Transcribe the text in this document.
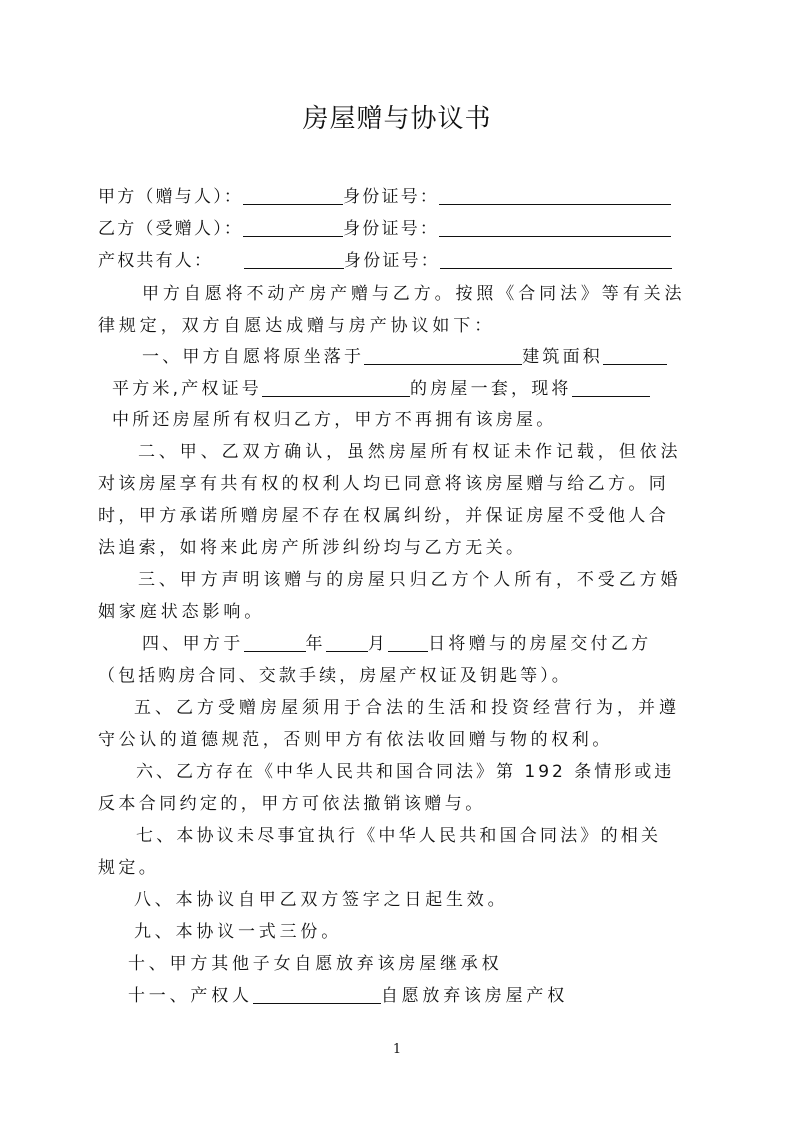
房屋赠与协议书
甲方（赠与人）：	身份证号：
乙方（受赠人）：	身份证号：
产权共有人：	身份证号：
甲方自愿将不动产房产赠与乙方。按照《合同法》等有关法
律规定，双方自愿达成赠与房产协议如下：
一、甲方自愿将原坐落于	建筑面积
平方米,产权证号	的房屋一套，现将
中所还房屋所有权归乙方，甲方不再拥有该房屋。
二、甲、乙双方确认，虽然房屋所有权证未作记载，但依法
对该房屋享有共有权的权利人均已同意将该房屋赠与给乙方。同
时，甲方承诺所赠房屋不存在权属纠纷，并保证房屋不受他人合
法追索，如将来此房产所涉纠纷均与乙方无关。
三、甲方声明该赠与的房屋只归乙方个人所有，不受乙方婚
姻家庭状态影响。
四、甲方于	年 月 日将赠与的房屋交付乙方
（包括购房合同、交款手续，房屋产权证及钥匙等）。
五、乙方受赠房屋须用于合法的生活和投资经营行为，并遵
守公认的道德规范，否则甲方有依法收回赠与物的权利。
六、乙方存在《中华人民共和国合同法》第 192 条情形或违
反本合同约定的，甲方可依法撤销该赠与。
七、本协议未尽事宜执行《中华人民共和国合同法》的相关
规定。
八、本协议自甲乙双方签字之日起生效。
九、本协议一式三份。
十、甲方其他子女自愿放弃该房屋继承权
十一、产权人	自愿放弃该房屋产权
1
